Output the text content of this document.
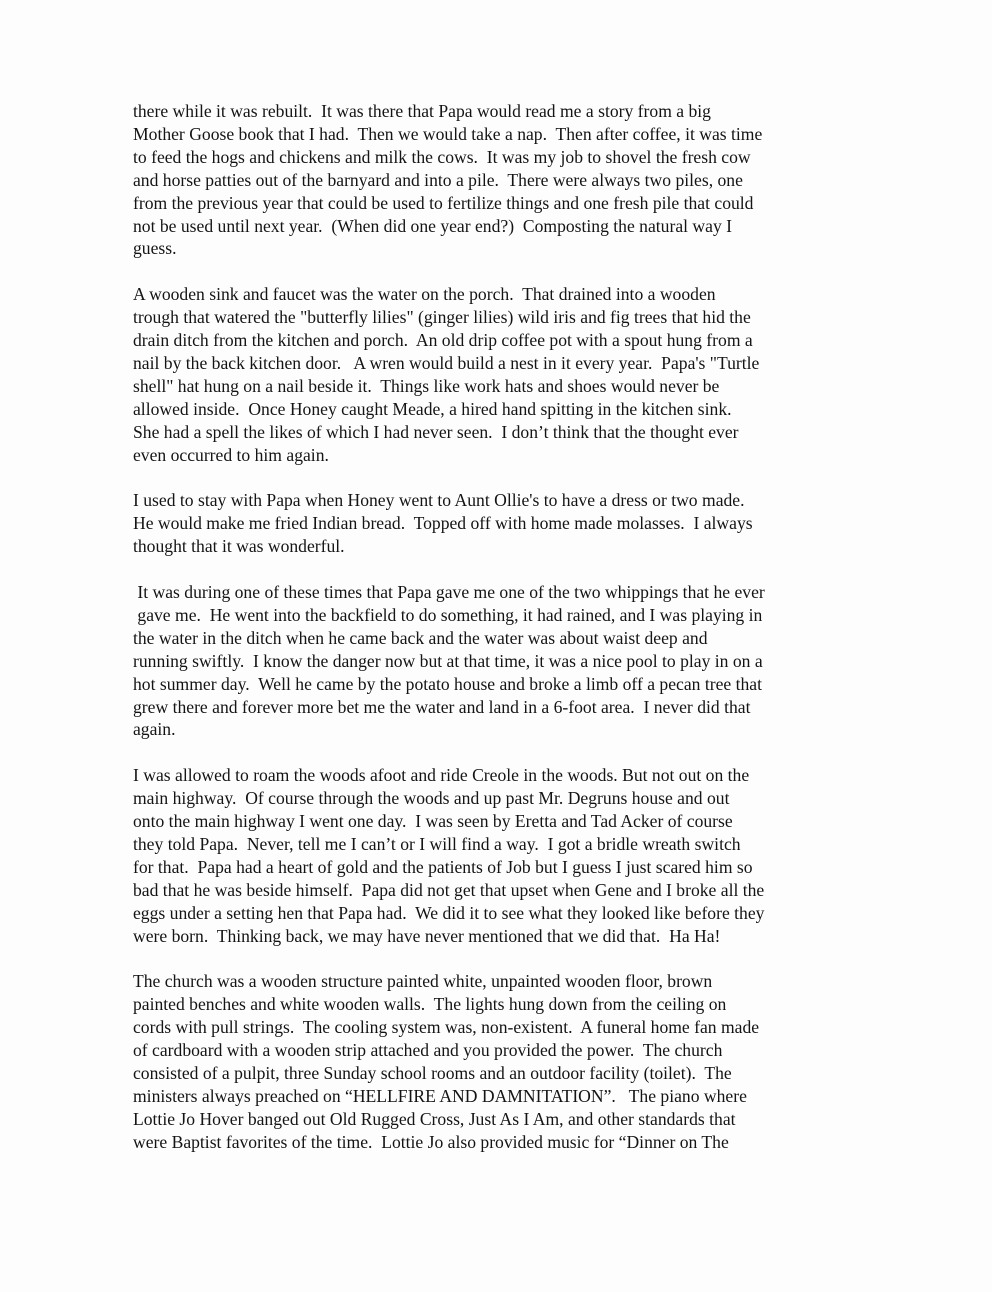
there while it was rebuilt.  It was there that Papa would read me a story from a big
Mother Goose book that I had.  Then we would take a nap.  Then after coffee, it was time
to feed the hogs and chickens and milk the cows.  It was my job to shovel the fresh cow
and horse patties out of the barnyard and into a pile.  There were always two piles, one
from the previous year that could be used to fertilize things and one fresh pile that could
not be used until next year.  (When did one year end?)  Composting the natural way I
guess.

A wooden sink and faucet was the water on the porch.  That drained into a wooden
trough that watered the "butterfly lilies" (ginger lilies) wild iris and fig trees that hid the
drain ditch from the kitchen and porch.  An old drip coffee pot with a spout hung from a
nail by the back kitchen door.   A wren would build a nest in it every year.  Papa's "Turtle
shell" hat hung on a nail beside it.  Things like work hats and shoes would never be
allowed inside.  Once Honey caught Meade, a hired hand spitting in the kitchen sink.
She had a spell the likes of which I had never seen.  I don’t think that the thought ever
even occurred to him again.

I used to stay with Papa when Honey went to Aunt Ollie's to have a dress or two made.
He would make me fried Indian bread.  Topped off with home made molasses.  I always
thought that it was wonderful.

It was during one of these times that Papa gave me one of the two whippings that he ever
gave me.  He went into the backfield to do something, it had rained, and I was playing in
the water in the ditch when he came back and the water was about waist deep and
running swiftly.  I know the danger now but at that time, it was a nice pool to play in on a
hot summer day.  Well he came by the potato house and broke a limb off a pecan tree that
grew there and forever more bet me the water and land in a 6-foot area.  I never did that
again.

I was allowed to roam the woods afoot and ride Creole in the woods. But not out on the
main highway.  Of course through the woods and up past Mr. Degruns house and out
onto the main highway I went one day.  I was seen by Eretta and Tad Acker of course
they told Papa.  Never, tell me I can’t or I will find a way.  I got a bridle wreath switch
for that.  Papa had a heart of gold and the patients of Job but I guess I just scared him so
bad that he was beside himself.  Papa did not get that upset when Gene and I broke all the
eggs under a setting hen that Papa had.  We did it to see what they looked like before they
were born.  Thinking back, we may have never mentioned that we did that.  Ha Ha!

The church was a wooden structure painted white, unpainted wooden floor, brown
painted benches and white wooden walls.  The lights hung down from the ceiling on
cords with pull strings.  The cooling system was, non-existent.  A funeral home fan made
of cardboard with a wooden strip attached and you provided the power.  The church
consisted of a pulpit, three Sunday school rooms and an outdoor facility (toilet).  The
ministers always preached on “HELLFIRE AND DAMNITATION”.   The piano where
Lottie Jo Hover banged out Old Rugged Cross, Just As I Am, and other standards that
were Baptist favorites of the time.  Lottie Jo also provided music for “Dinner on The
